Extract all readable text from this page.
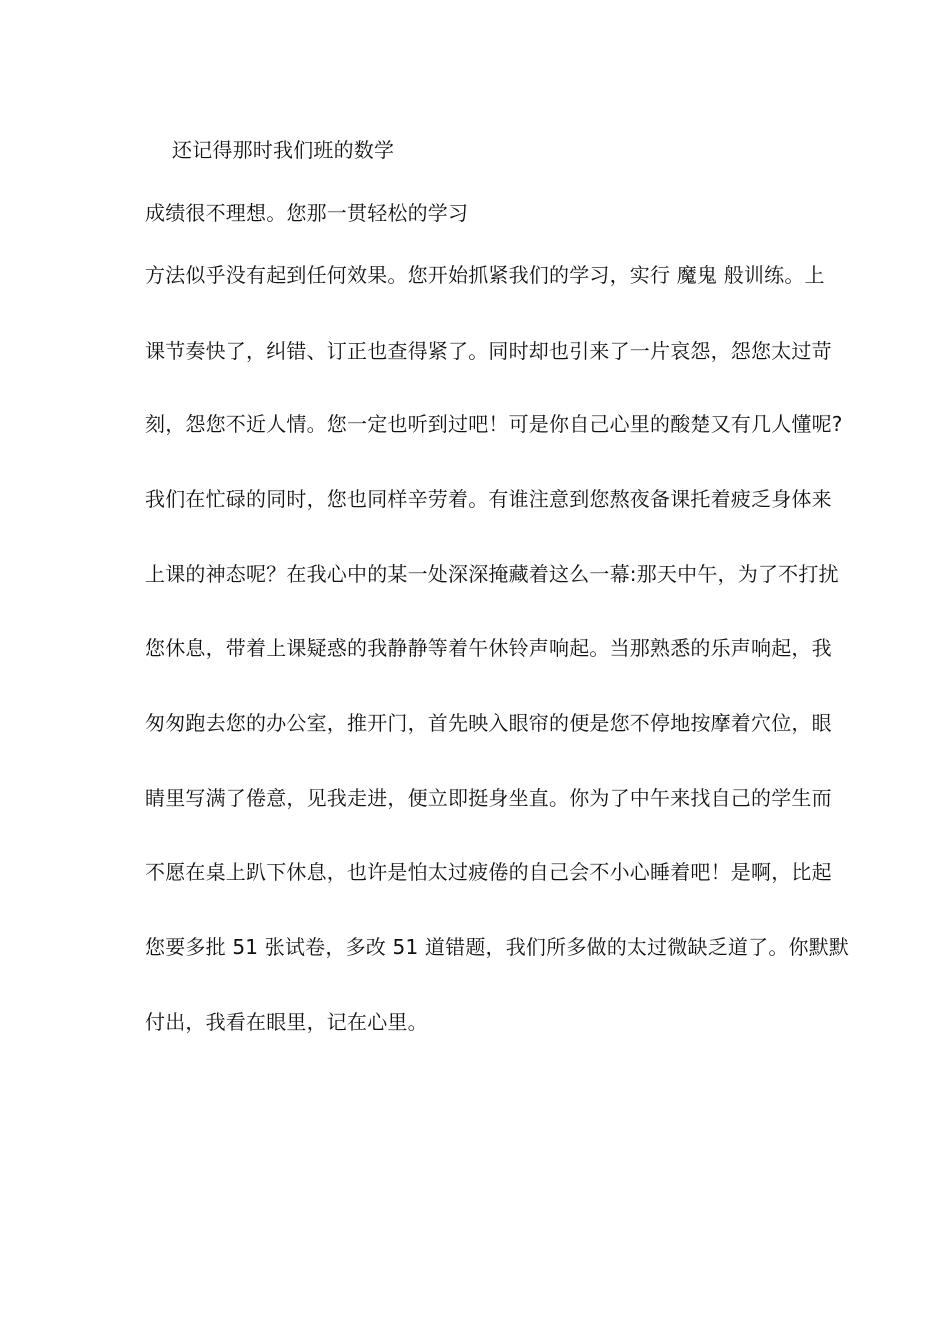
还记得那时我们班的数学
成绩很不理想。您那一贯轻松的学习
方法似乎没有起到任何效果。您开始抓紧我们的学习，实行 魔鬼 般训练。上
课节奏快了，纠错、订正也查得紧了。同时却也引来了一片哀怨，怨您太过苛
刻，怨您不近人情。您一定也听到过吧！可是你自己心里的酸楚又有几人懂呢?
我们在忙碌的同时，您也同样辛劳着。有谁注意到您熬夜备课托着疲乏身体来
上课的神态呢？在我心中的某一处深深掩藏着这么一幕:那天中午，为了不打扰
您休息，带着上课疑惑的我静静等着午休铃声响起。当那熟悉的乐声响起，我
匆匆跑去您的办公室，推开门，首先映入眼帘的便是您不停地按摩着穴位，眼
睛里写满了倦意，见我走进，便立即挺身坐直。你为了中午来找自己的学生而
不愿在桌上趴下休息，也许是怕太过疲倦的自己会不小心睡着吧！是啊，比起
您要多批 51 张试卷，多改 51 道错题，我们所多做的太过微缺乏道了。你默默
付出，我看在眼里，记在心里。
